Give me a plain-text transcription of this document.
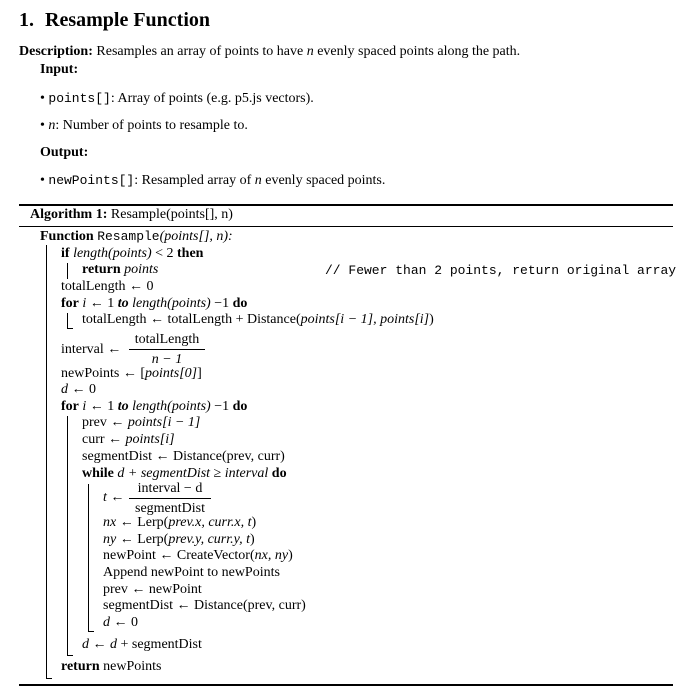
1. Resample Function
Description: Resamples an array of points to have n evenly spaced points along the path.
Input:
• points[]: Array of points (e.g. p5.js vectors).
• n: Number of points to resample to.
Output:
• newPoints[]: Resampled array of n evenly spaced points.
Algorithm 1: Resample(points[], n)
Function Resample(points[], n):
if length(points) < 2 then
return points	// Fewer than 2 points, return original array
totalLength ← 0
for i ← 1 to length(points) −1 do
totalLength ← totalLength + Distance(points[i − 1], points[i])
interval ←
totalLength
n − 1
newPoints ← [points[0]]
d ← 0
for i ← 1 to length(points) −1 do
prev ← points[i − 1]
curr ← points[i]
segmentDist ← Distance(prev, curr)
while d + segmentDist ≥ interval do
t ←
interval − d
segmentDist
nx ← Lerp(prev.x, curr.x, t)
ny ← Lerp(prev.y, curr.y, t)
newPoint ← CreateVector(nx, ny)
Append newPoint to newPoints
prev ← newPoint
segmentDist ← Distance(prev, curr)
d ← 0
d ← d + segmentDist
return newPoints
